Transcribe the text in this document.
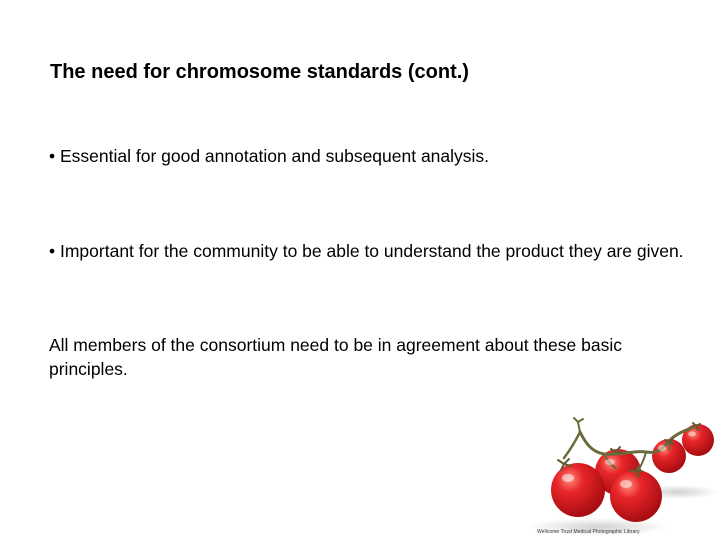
The need for chromosome standards (cont.)
• Essential for good annotation and subsequent analysis.
• Important for the community to be able to understand the product they are given.
All members of the consortium need to be in agreement about these basic principles.
Wellcome Trust Medical Photographic Library
